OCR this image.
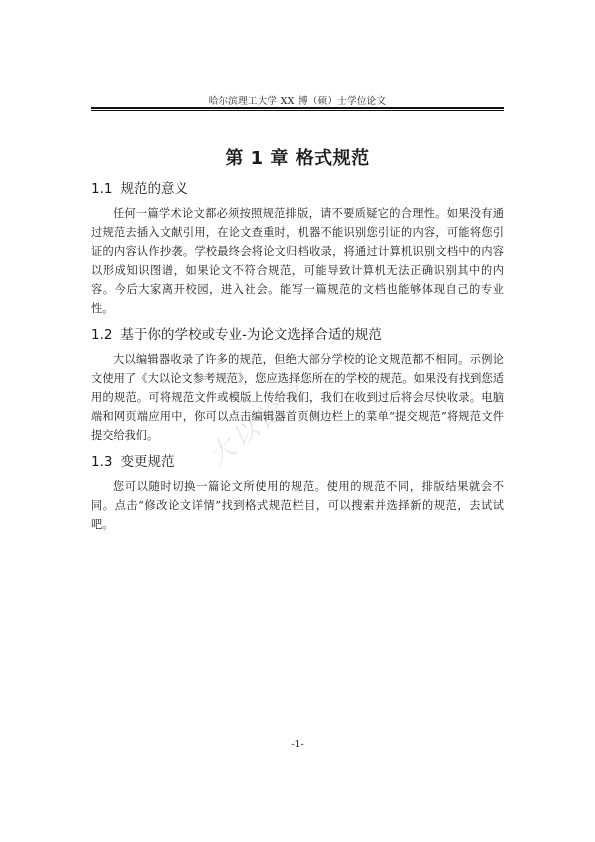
哈尔滨理工大学 XX 博（硕）士学位论文
第 1 章 格式规范
1.1 规范的意义

任何一篇学术论文都必须按照规范排版，请不要质疑它的合理性。如果没有通过规范去插入文献引用，在论文查重时，机器不能识别您引证的内容，可能将您引证的内容认作抄袭。学校最终会将论文归档收录，将通过计算机识别文档中的内容以形成知识图谱，如果论文不符合规范，可能导致计算机无法正确识别其中的内容。今后大家离开校园，进入社会。能写一篇规范的文档也能够体现自己的专业性。

1.2 基于你的学校或专业-为论文选择合适的规范

大以编辑器收录了许多的规范，但绝大部分学校的论文规范都不相同。示例论文使用了《大以论文参考规范》，您应选择您所在的学校的规范。如果没有找到您适用的规范。可将规范文件或模版上传给我们，我们在收到过后将会尽快收录。电脑端和网页端应用中，你可以点击编辑器首页侧边栏上的菜单“提交规范”将规范文件提交给我们。

1.3 变更规范

您可以随时切换一篇论文所使用的规范。使用的规范不同，排版结果就会不同。点击“修改论文详情”找到格式规范栏目，可以搜索并选择新的规范，去试试吧。

大以论文
-1-
